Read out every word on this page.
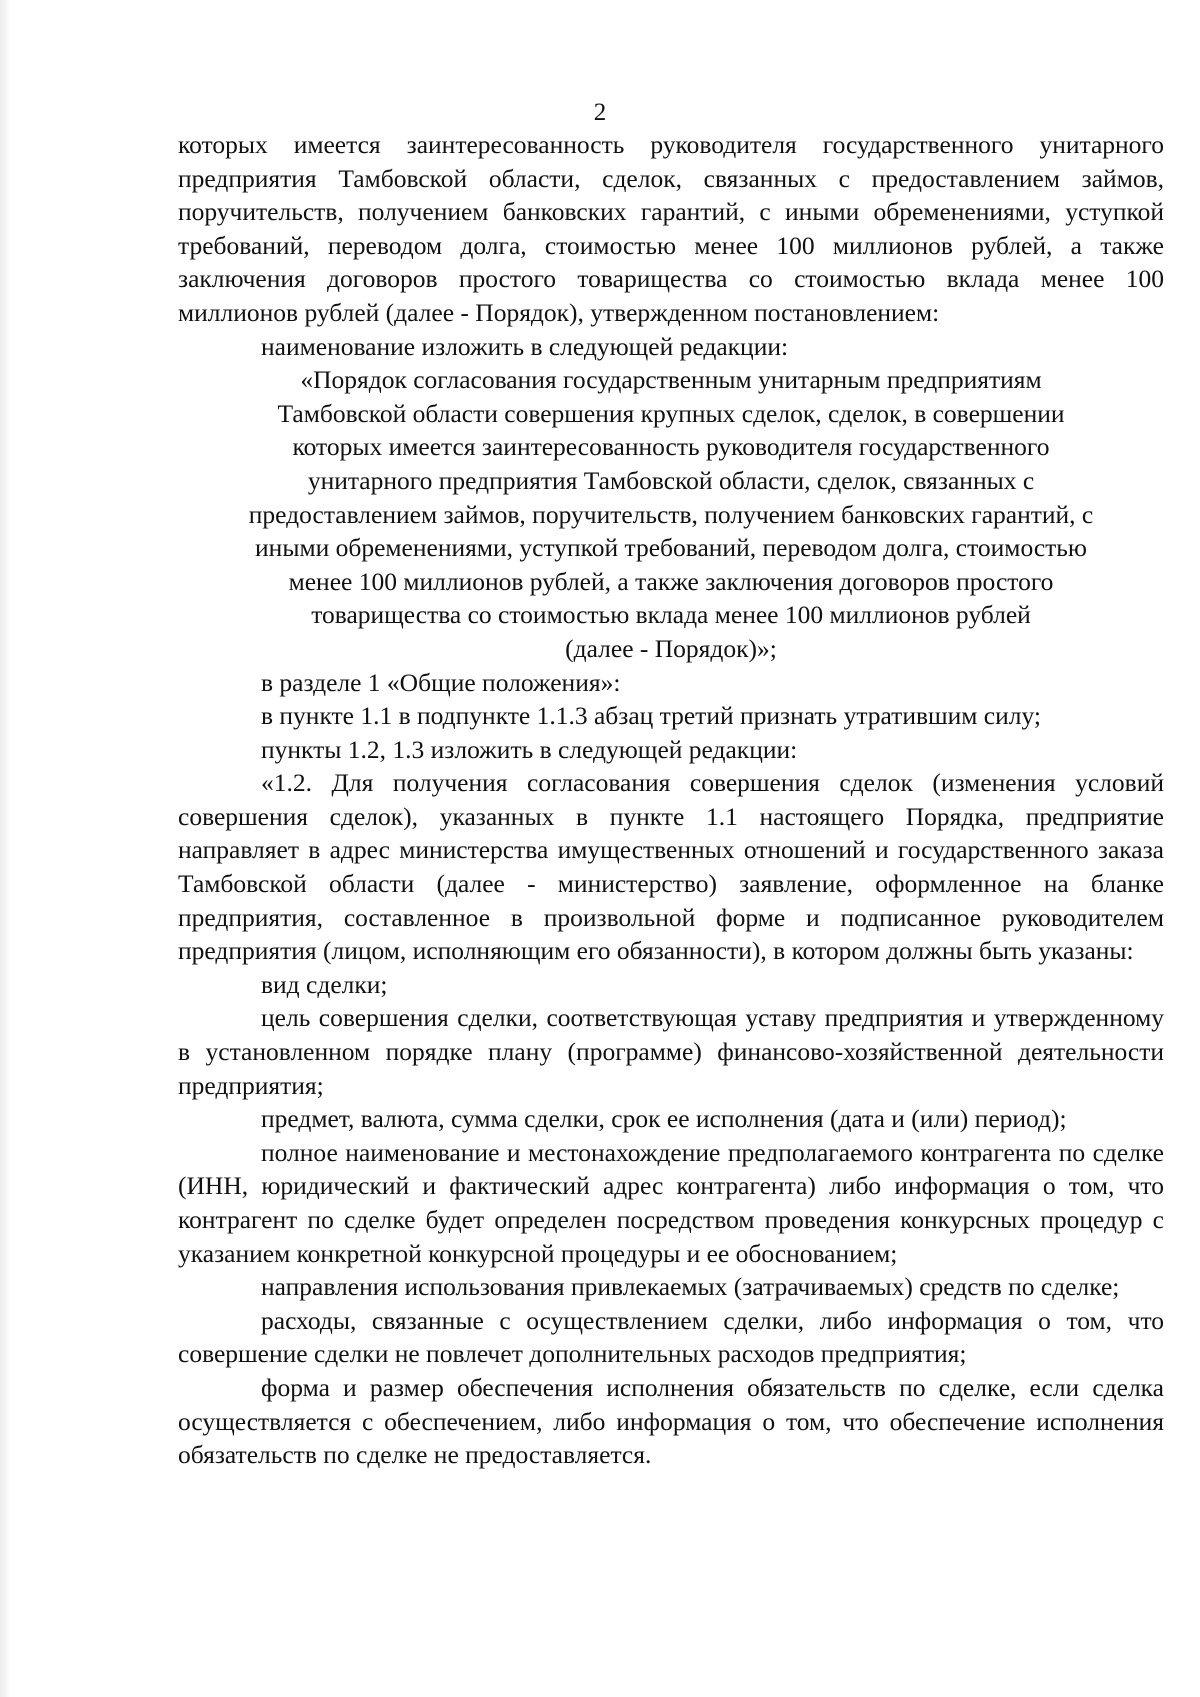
2

которых имеется заинтересованность руководителя государственного унитарного предприятия Тамбовской области, сделок, связанных с предоставлением займов, поручительств, получением банковских гарантий, с иными обременениями, уступкой требований, переводом долга, стоимостью менее 100 миллионов рублей, а также заключения договоров простого товарищества со стоимостью вклада менее 100 миллионов рублей (далее - Порядок), утвержденном постановлением:

наименование изложить в следующей редакции:

«Порядок согласования государственным унитарным предприятиям
Тамбовской области совершения крупных сделок, сделок, в совершении
которых имеется заинтересованность руководителя государственного
унитарного предприятия Тамбовской области, сделок, связанных с
предоставлением займов, поручительств, получением банковских гарантий, с
иными обременениями, уступкой требований, переводом долга, стоимостью
менее 100 миллионов рублей, а также заключения договоров простого
товарищества со стоимостью вклада менее 100 миллионов рублей
(далее - Порядок)»;

в разделе 1 «Общие положения»:

в пункте 1.1 в подпункте 1.1.3 абзац третий признать утратившим силу;

пункты 1.2, 1.3 изложить в следующей редакции:

«1.2. Для получения согласования совершения сделок (изменения условий совершения сделок), указанных в пункте 1.1 настоящего Порядка, предприятие направляет в адрес министерства имущественных отношений и государственного заказа Тамбовской области (далее - министерство) заявление, оформленное на бланке предприятия, составленное в произвольной форме и подписанное руководителем предприятия (лицом, исполняющим его обязанности), в котором должны быть указаны:

вид сделки;

цель совершения сделки, соответствующая уставу предприятия и утвержденному в установленном порядке плану (программе) финансово-хозяйственной деятельности предприятия;

предмет, валюта, сумма сделки, срок ее исполнения (дата и (или) период);

полное наименование и местонахождение предполагаемого контрагента по сделке (ИНН, юридический и фактический адрес контрагента) либо информация о том, что контрагент по сделке будет определен посредством проведения конкурсных процедур с указанием конкретной конкурсной процедуры и ее обоснованием;

направления использования привлекаемых (затрачиваемых) средств по сделке;

расходы, связанные с осуществлением сделки, либо информация о том, что совершение сделки не повлечет дополнительных расходов предприятия;

форма и размер обеспечения исполнения обязательств по сделке, если сделка осуществляется с обеспечением, либо информация о том, что обеспечение исполнения обязательств по сделке не предоставляется.
